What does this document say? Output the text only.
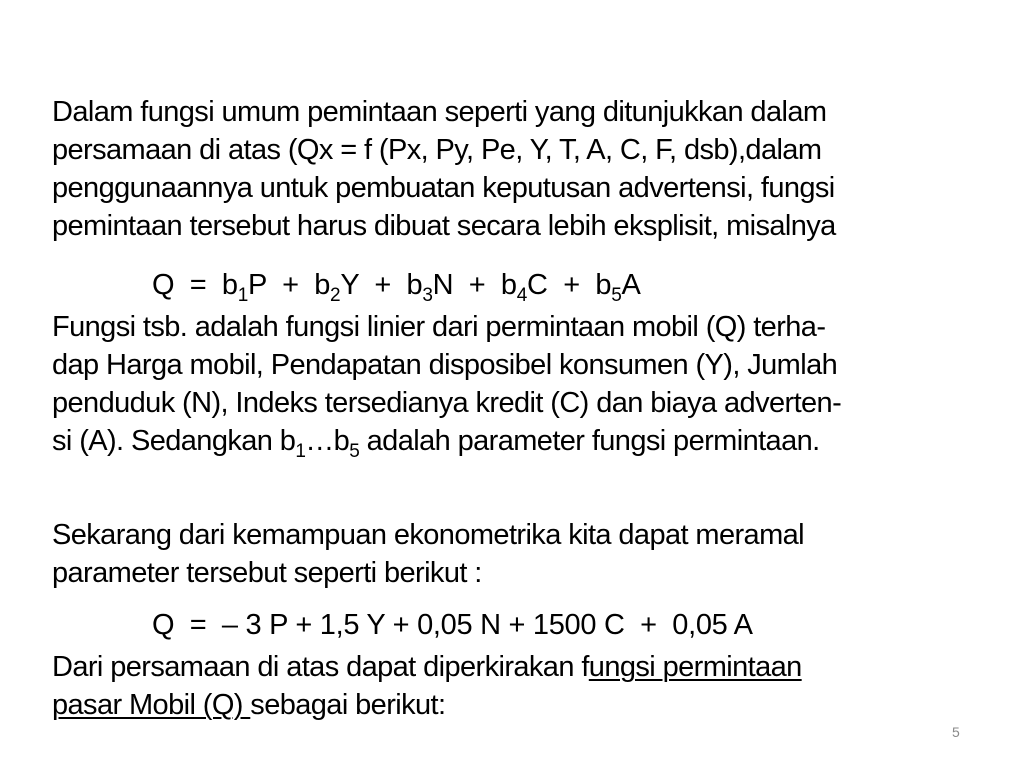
Dalam fungsi umum pemintaan seperti yang ditunjukkan dalam
persamaan di atas (Qx = f (Px, Py, Pe, Y, T, A, C, F, dsb),dalam
penggunaannya untuk pembuatan keputusan advertensi, fungsi
pemintaan tersebut harus dibuat secara lebih eksplisit, misalnya
$Q = b_1P + b_2Y + b_3N + b_4C + b_5A$
Fungsi tsb. adalah fungsi linier dari permintaan mobil (Q) terha-
dap Harga mobil, Pendapatan disposibel konsumen (Y), Jumlah
penduduk (N), Indeks tersedianya kredit (C) dan biaya adverten-
si (A). Sedangkan $b_1\dots b_5$ adalah parameter fungsi permintaan.
Sekarang dari kemampuan ekonometrika kita dapat meramal
parameter tersebut seperti berikut :
Q  =  – 3 P + 1,5 Y + 0,05 N + 1500 C  +  0,05 A
Dari persamaan di atas dapat diperkirakan fungsi permintaan
pasar Mobil (Q) sebagai berikut:
5
